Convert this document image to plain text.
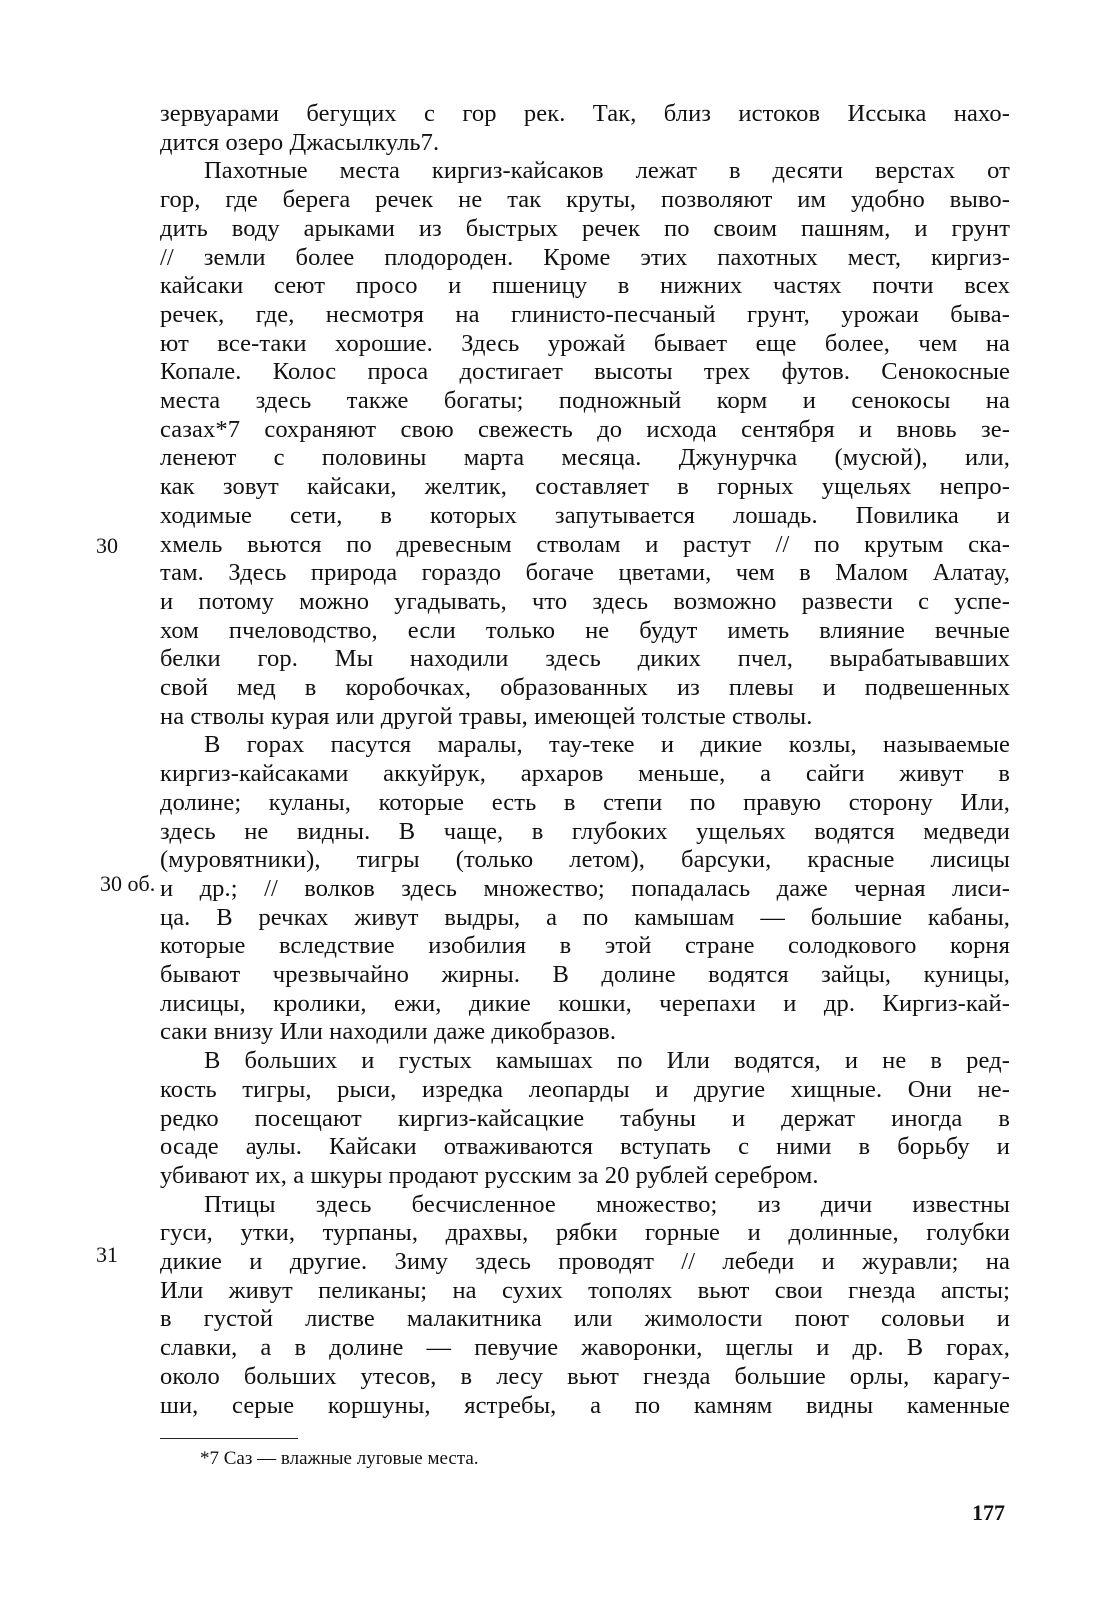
зервуарами бегущих с гор рек. Так, близ истоков Иссыка нахо-
дится озеро Джасылкуль7.
Пахотные места киргиз-кайсаков лежат в десяти верстах от
гор, где берега речек не так круты, позволяют им удобно выво-
дить воду арыками из быстрых речек по своим пашням, и грунт
// земли более плодороден. Кроме этих пахотных мест, киргиз-
кайсаки сеют просо и пшеницу в нижних частях почти всех
речек, где, несмотря на глинисто-песчаный грунт, урожаи быва-
ют все-таки хорошие. Здесь урожай бывает еще более, чем на
Копале. Колос проса достигает высоты трех футов. Сенокосные
места здесь также богаты; подножный корм и сенокосы на
сазах*7 сохраняют свою свежесть до исхода сентября и вновь зе-
ленеют с половины марта месяца. Джунурчка (мусюй), или,
как зовут кайсаки, желтик, составляет в горных ущельях непро-
ходимые сети, в которых запутывается лошадь. Повилика и
хмель вьются по древесным стволам и растут // по крутым ска-
там. Здесь природа гораздо богаче цветами, чем в Малом Алатау,
и потому можно угадывать, что здесь возможно развести с успе-
хом пчеловодство, если только не будут иметь влияние вечные
белки гор. Мы находили здесь диких пчел, вырабатывавших
свой мед в коробочках, образованных из плевы и подвешенных
на стволы курая или другой травы, имеющей толстые стволы.
В горах пасутся маралы, тау-теке и дикие козлы, называемые
киргиз-кайсаками аккуйрук, архаров меньше, а сайги живут в
долине; куланы, которые есть в степи по правую сторону Или,
здесь не видны. В чаще, в глубоких ущельях водятся медведи
(муровятники), тигры (только летом), барсуки, красные лисицы
и др.; // волков здесь множество; попадалась даже черная лиси-
ца. В речках живут выдры, а по камышам — большие кабаны,
которые вследствие изобилия в этой стране солодкового корня
бывают чрезвычайно жирны. В долине водятся зайцы, куницы,
лисицы, кролики, ежи, дикие кошки, черепахи и др. Киргиз-кай-
саки внизу Или находили даже дикобразов.
В больших и густых камышах по Или водятся, и не в ред-
кость тигры, рыси, изредка леопарды и другие хищные. Они не-
редко посещают киргиз-кайсацкие табуны и держат иногда в
осаде аулы. Кайсаки отваживаются вступать с ними в борьбу и
убивают их, а шкуры продают русским за 20 рублей серебром.
Птицы здесь бесчисленное множество; из дичи известны
гуси, утки, турпаны, драхвы, рябки горные и долинные, голубки
дикие и другие. Зиму здесь проводят // лебеди и журавли; на
Или живут пеликаны; на сухих тополях вьют свои гнезда апсты;
в густой листве малакитника или жимолости поют соловьи и
славки, а в долине — певучие жаворонки, щеглы и др. В горах,
около больших утесов, в лесу вьют гнезда большие орлы, карагу-
ши, серые коршуны, ястребы, а по камням видны каменные
30
30 об.
31
*7 Саз — влажные луговые места.
177
